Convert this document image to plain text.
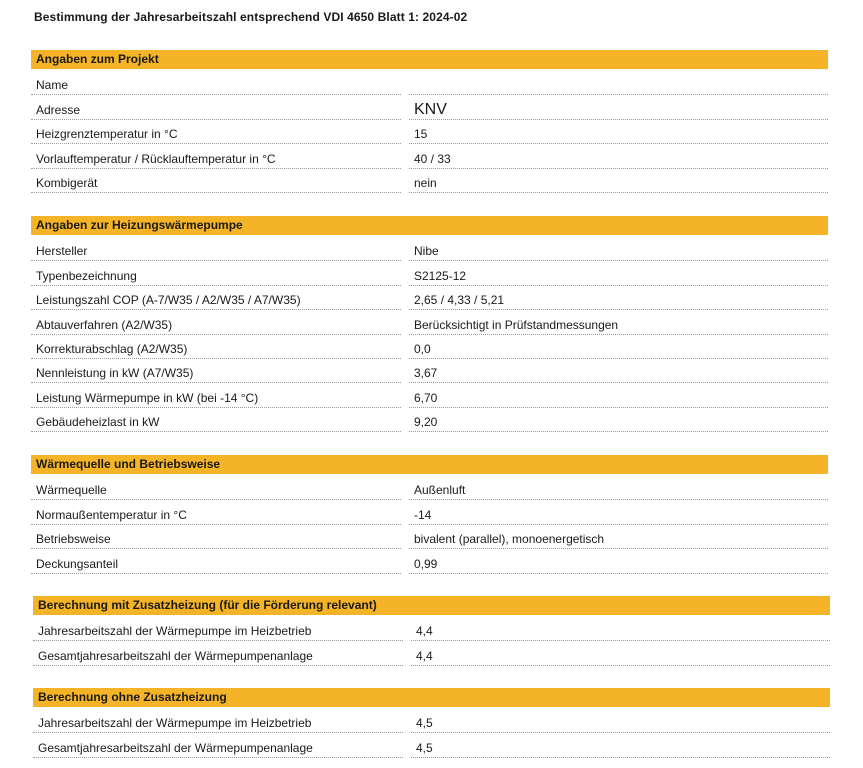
Bestimmung der Jahresarbeitszahl entsprechend VDI 4650 Blatt 1: 2024-02
Angaben zum Projekt
Name
Adresse	KNV
Heizgrenztemperatur in °C	15
Vorlauftemperatur / Rücklauftemperatur in °C	40 / 33
Kombigerät	nein
Angaben zur Heizungswärmepumpe
Hersteller	Nibe
Typenbezeichnung	S2125-12
Leistungszahl COP (A-7/W35 / A2/W35 / A7/W35)	2,65 / 4,33 / 5,21
Abtauverfahren (A2/W35)	Berücksichtigt in Prüfstandmessungen
Korrekturabschlag (A2/W35)	0,0
Nennleistung in kW (A7/W35)	3,67
Leistung Wärmepumpe in kW (bei -14 °C)	6,70
Gebäudeheizlast in kW	9,20
Wärmequelle und Betriebsweise
Wärmequelle	Außenluft
Normaußentemperatur in °C	-14
Betriebsweise	bivalent (parallel), monoenergetisch
Deckungsanteil	0,99
Berechnung mit Zusatzheizung (für die Förderung relevant)
Jahresarbeitszahl der Wärmepumpe im Heizbetrieb	4,4
Gesamtjahresarbeitszahl der Wärmepumpenanlage	4,4
Berechnung ohne Zusatzheizung
Jahresarbeitszahl der Wärmepumpe im Heizbetrieb	4,5
Gesamtjahresarbeitszahl der Wärmepumpenanlage	4,5
